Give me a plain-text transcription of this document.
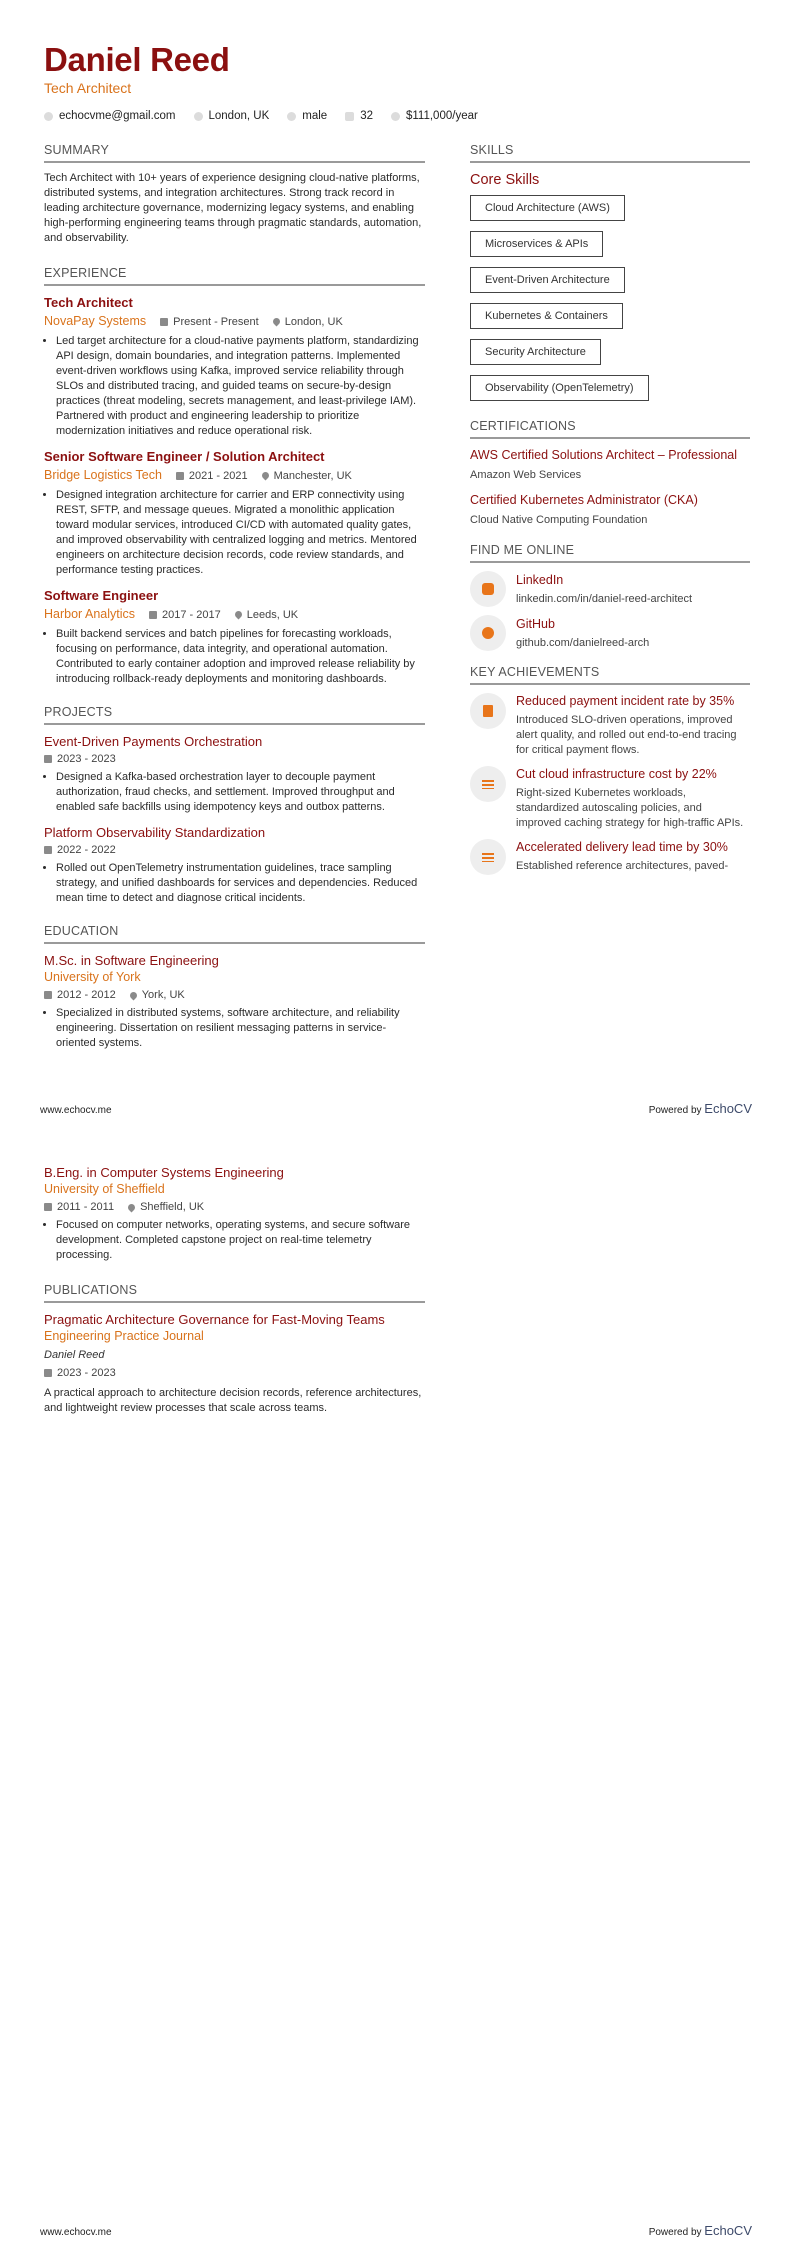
Daniel Reed
Tech Architect
echocvme@gmail.com	London, UK	male	32	$111,000/year
SUMMARY
Tech Architect with 10+ years of experience designing cloud-native platforms, distributed systems, and integration architectures. Strong track record in leading architecture governance, modernizing legacy systems, and enabling high-performing engineering teams through pragmatic standards, automation, and observability.
EXPERIENCE
Tech Architect
NovaPay Systems Present - Present London, UK
• Led target architecture for a cloud-native payments platform, standardizing API design, domain boundaries, and integration patterns. Implemented event-driven workflows using Kafka, improved service reliability through SLOs and distributed tracing, and guided teams on secure-by-design practices (threat modeling, secrets management, and least-privilege IAM). Partnered with product and engineering leadership to prioritize modernization initiatives and reduce operational risk.
Senior Software Engineer / Solution Architect
Bridge Logistics Tech 2021 - 2021 Manchester, UK
• Designed integration architecture for carrier and ERP connectivity using REST, SFTP, and message queues. Migrated a monolithic application toward modular services, introduced CI/CD with automated quality gates, and improved observability with centralized logging and metrics. Mentored engineers on architecture decision records, code review standards, and performance testing practices.
Software Engineer
Harbor Analytics 2017 - 2017 Leeds, UK
• Built backend services and batch pipelines for forecasting workloads, focusing on performance, data integrity, and operational automation. Contributed to early container adoption and improved release reliability by introducing rollback-ready deployments and monitoring dashboards.
PROJECTS
Event-Driven Payments Orchestration
2023 - 2023
• Designed a Kafka-based orchestration layer to decouple payment authorization, fraud checks, and settlement. Improved throughput and enabled safe backfills using idempotency keys and outbox patterns.
Platform Observability Standardization
2022 - 2022
• Rolled out OpenTelemetry instrumentation guidelines, trace sampling strategy, and unified dashboards for services and dependencies. Reduced mean time to detect and diagnose critical incidents.
EDUCATION
M.Sc. in Software Engineering
University of York
2012 - 2012 York, UK
• Specialized in distributed systems, software architecture, and reliability engineering. Dissertation on resilient messaging patterns in service-oriented systems.
SKILLS
Core Skills
Cloud Architecture (AWS)
Microservices & APIs
Event-Driven Architecture
Kubernetes & Containers
Security Architecture
Observability (OpenTelemetry)
CERTIFICATIONS
AWS Certified Solutions Architect – Professional
Amazon Web Services
Certified Kubernetes Administrator (CKA)
Cloud Native Computing Foundation
FIND ME ONLINE
LinkedIn
linkedin.com/in/daniel-reed-architect
GitHub
github.com/danielreed-arch
KEY ACHIEVEMENTS
Reduced payment incident rate by 35%
Introduced SLO-driven operations, improved alert quality, and rolled out end-to-end tracing for critical payment flows.
Cut cloud infrastructure cost by 22%
Right-sized Kubernetes workloads, standardized autoscaling policies, and improved caching strategy for high-traffic APIs.
Accelerated delivery lead time by 30%
Established reference architectures, paved-
www.echocv.me	Powered by EchoCV
B.Eng. in Computer Systems Engineering
University of Sheffield
2011 - 2011 Sheffield, UK
• Focused on computer networks, operating systems, and secure software development. Completed capstone project on real-time telemetry processing.
PUBLICATIONS
Pragmatic Architecture Governance for Fast-Moving Teams
Engineering Practice Journal
Daniel Reed
2023 - 2023
A practical approach to architecture decision records, reference architectures, and lightweight review processes that scale across teams.
www.echocv.me	Powered by EchoCV
